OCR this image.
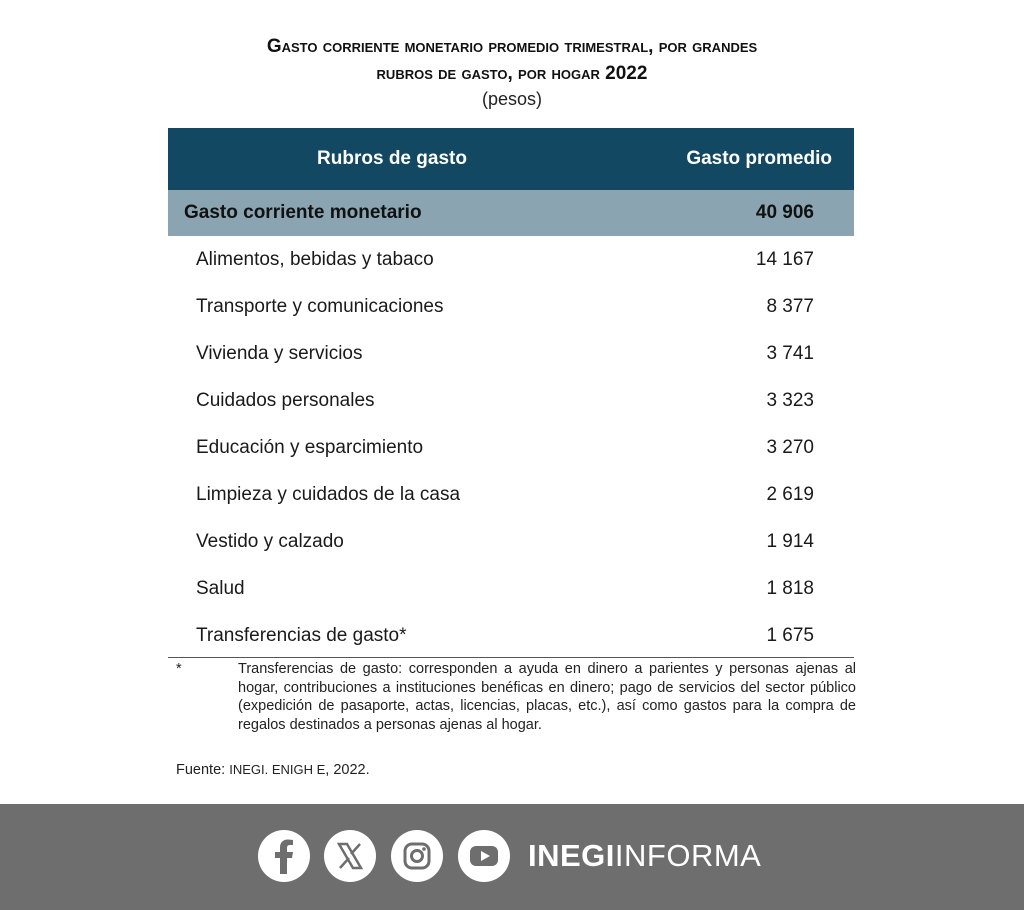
Gasto corriente monetario promedio trimestral, por grandes
rubros de gasto, por hogar 2022
(pesos)
Rubros de gasto	Gasto promedio
Gasto corriente monetario	40 906
Alimentos, bebidas y tabaco	14 167
Transporte y comunicaciones	8 377
Vivienda y servicios	3 741
Cuidados personales	3 323
Educación y esparcimiento	3 270
Limpieza y cuidados de la casa	2 619
Vestido y calzado	1 914
Salud	1 818
Transferencias de gasto*	1 675
*	Transferencias de gasto: corresponden a ayuda en dinero a parientes y personas ajenas al hogar, contribuciones a instituciones benéficas en dinero; pago de servicios del sector público (expedición de pasaporte, actas, licencias, placas, etc.), así como gastos para la compra de regalos destinados a personas ajenas al hogar.
Fuente: INEGI. ENIGH E, 2022.
INEGIINFORMA
